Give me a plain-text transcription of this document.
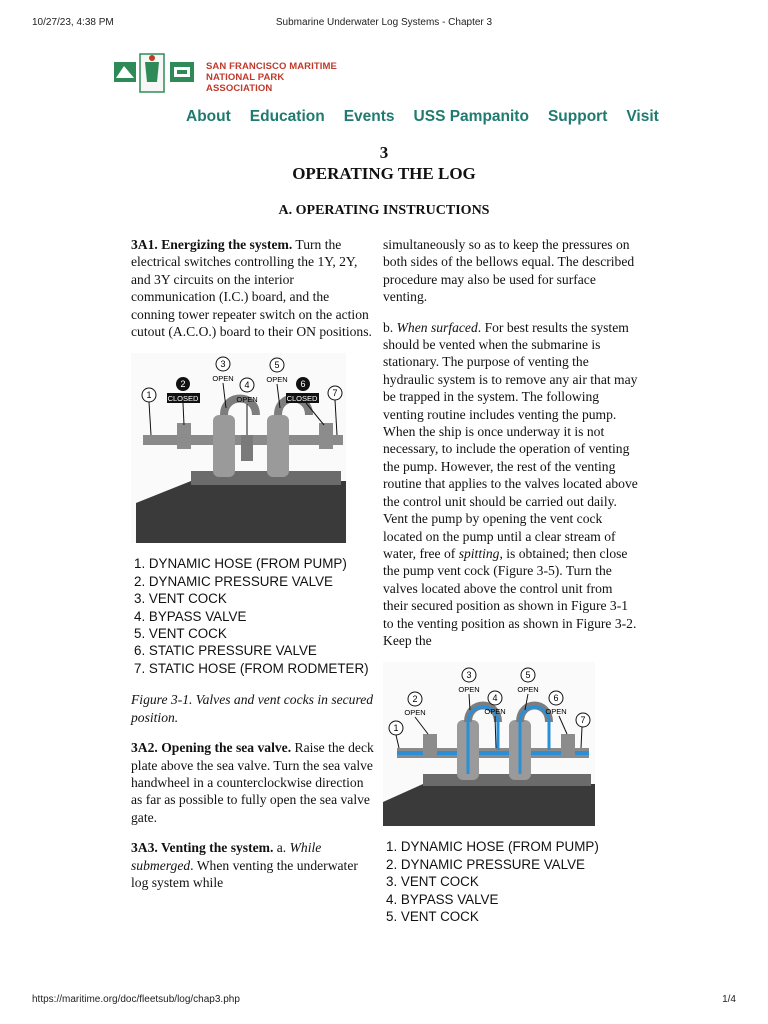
10/27/23, 4:38 PM	Submarine Underwater Log Systems - Chapter 3
SAN FRANCISCO MARITIME
NATIONAL PARK ASSOCIATION
About Education Events USS Pampanito Support Visit
3
OPERATING THE LOG
A. OPERATING INSTRUCTIONS

3A1. Energizing the system. Turn the electrical switches controlling the 1Y, 2Y, and 3Y circuits on the interior communication (I.C.) board, and the conning tower repeater switch on the action cutout (A.C.O.) board to their ON positions.

1
2
CLOSED
3
OPEN
4
OPEN
5
OPEN 6
CLOSED
7
1. DYNAMIC HOSE (FROM PUMP)
2. DYNAMIC PRESSURE VALVE
3. VENT COCK
4. BYPASS VALVE
5. VENT COCK
6. STATIC PRESSURE VALVE
7. STATIC HOSE (FROM RODMETER)
Figure 3-1. Valves and vent cocks in secured position.

3A2. Opening the sea valve. Raise the deck plate above the sea valve. Turn the sea valve handwheel in a counterclockwise direction as far as possible to fully open the sea valve gate.

3A3. Venting the system. a. While submerged. When venting the underwater log system while

simultaneously so as to keep the pressures on both sides of the bellows equal. The described procedure may also be used for surface venting.

b. When surfaced. For best results the system should be vented when the submarine is stationary. The purpose of venting the hydraulic system is to remove any air that may be trapped in the system. The following venting routine includes venting the pump. When the ship is once underway it is not necessary, to include the operation of venting the pump. However, the rest of the venting routine that applies to the valves located above the control unit should be carried out daily. Vent the pump by opening the vent cock located on the pump until a clear stream of water, free of spitting, is obtained; then close the pump vent cock (Figure 3-5). Turn the valves located above the control unit from their secured position as shown in Figure 3-1 to the venting position as shown in Figure 3-2. Keep the

1
2
OPEN
3
OPEN
4
OPEN
5
OPEN
6
OPEN
7
1. DYNAMIC HOSE (FROM PUMP)
2. DYNAMIC PRESSURE VALVE
3. VENT COCK
4. BYPASS VALVE
5. VENT COCK
https://maritime.org/doc/fleetsub/log/chap3.php	1/4
